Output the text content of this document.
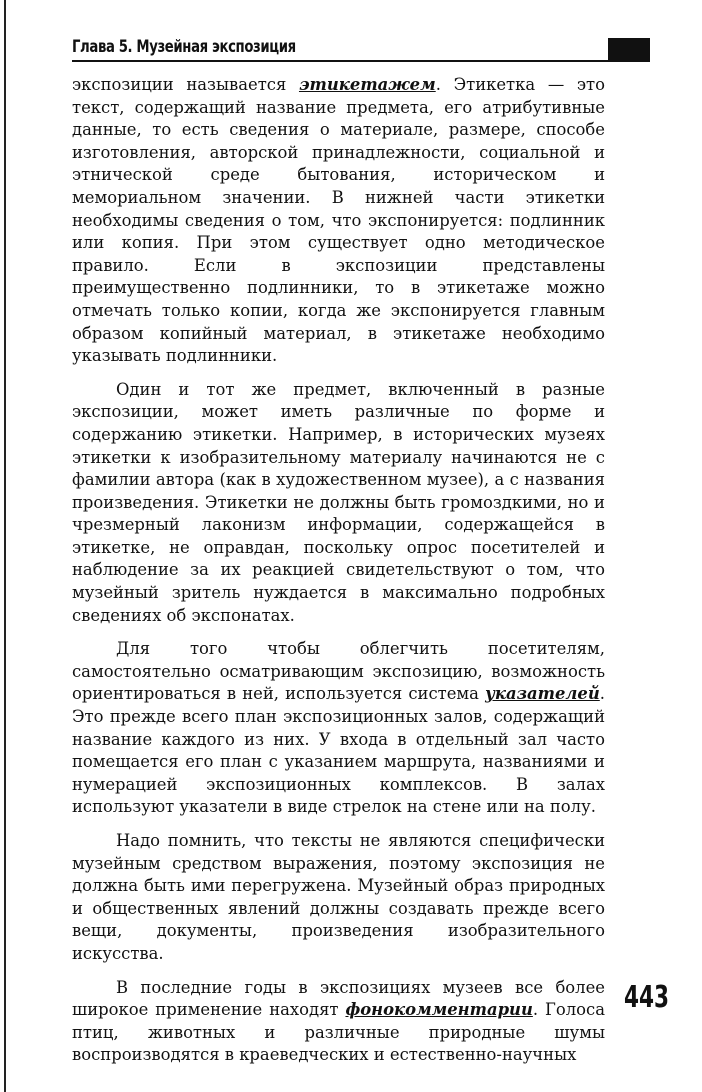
Глава 5. Музейная экспозиция

экспозиции называется этикетажем. Этикетка — это текст, содержащий название предмета, его атрибутивные данные, то есть сведения о материале, размере, способе изготовления, авторской принадлежности, социальной и этнической среде бытования, историческом и мемориальном значении. В нижней части этикетки необходимы сведения о том, что экспонируется: подлинник или копия. При этом существует одно методическое правило. Если в экспозиции представлены преимущественно подлинники, то в этикетаже можно отмечать только копии, когда же экспонируется главным образом копийный материал, в этикетаже необходимо указывать подлинники.

Один и тот же предмет, включенный в разные экспозиции, может иметь различные по форме и содержанию этикетки. Например, в исторических музеях этикетки к изобразительному материалу начинаются не с фамилии автора (как в художественном музее), а с названия произведения. Этикетки не должны быть громоздкими, но и чрезмерный лаконизм информации, содержащейся в этикетке, не оправдан, поскольку опрос посетителей и наблюдение за их реакцией свидетельствуют о том, что музейный зритель нуждается в максимально подробных сведениях об экспонатах.

Для того чтобы облегчить посетителям, самостоятельно осматривающим экспозицию, возможность ориентироваться в ней, используется система указателей. Это прежде всего план экспозиционных залов, содержащий название каждого из них. У входа в отдельный зал часто помещается его план с указанием маршрута, названиями и нумерацией экспозиционных комплексов. В залах используют указатели в виде стрелок на стене или на полу.

Надо помнить, что тексты не являются специфически музейным средством выражения, поэтому экспозиция не должна быть ими перегружена. Музейный образ природных и общественных явлений должны создавать прежде всего вещи, документы, произведения изобразительного искусства.

В последние годы в экспозициях музеев все более широкое применение находят фонокомментарии. Голоса птиц, животных и различные природные шумы воспроизводятся в краеведческих и естественно-научных

443
